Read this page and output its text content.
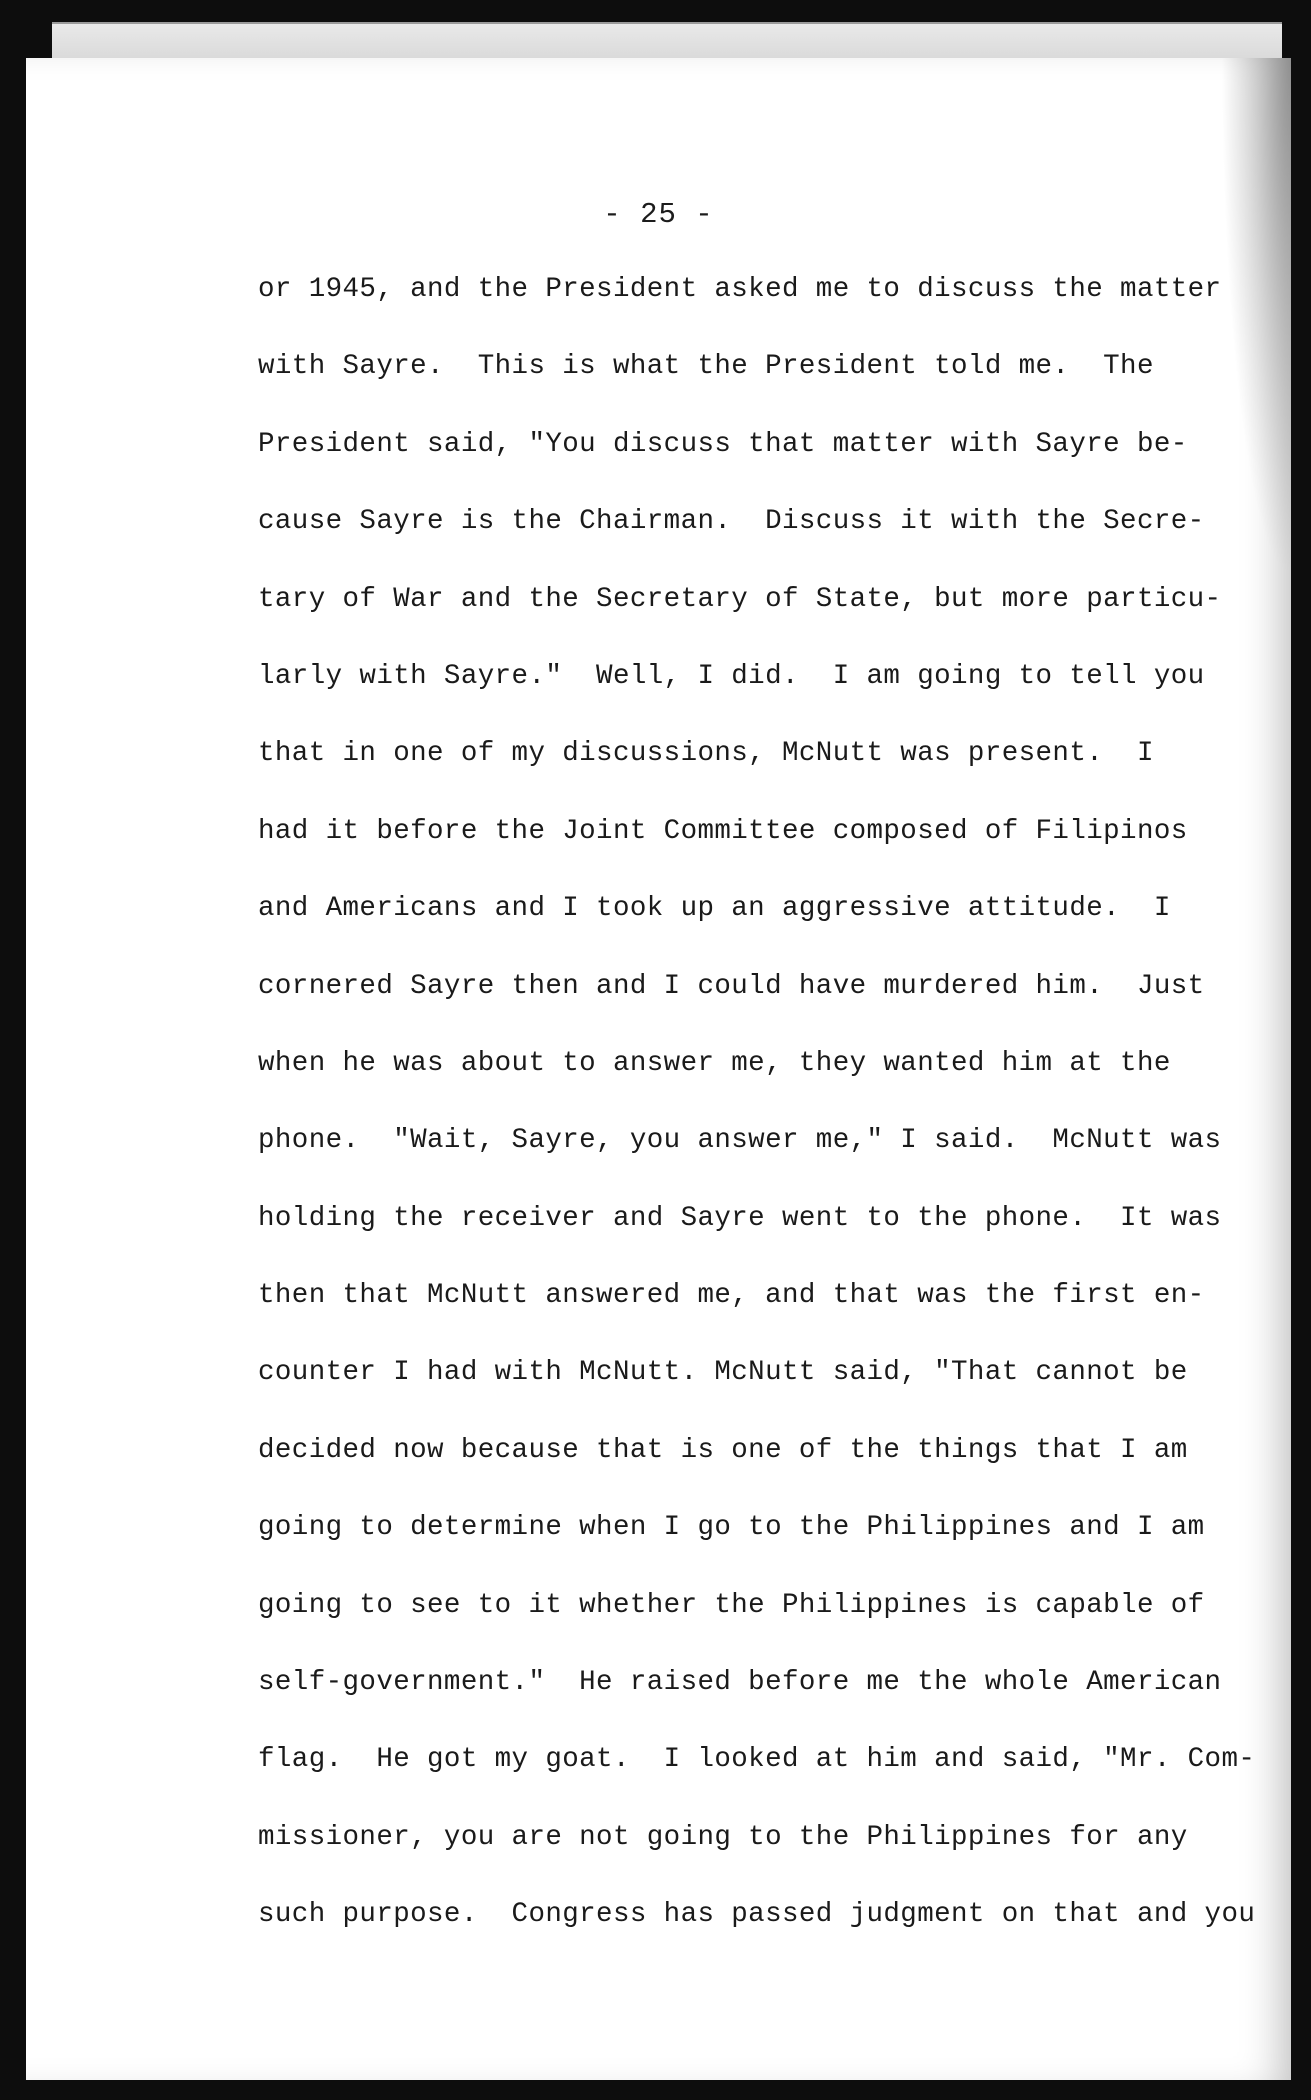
- 25 -
or 1945, and the President asked me to discuss the matter
with Sayre.  This is what the President told me.  The
President said, "You discuss that matter with Sayre be-
cause Sayre is the Chairman.  Discuss it with the Secre-
tary of War and the Secretary of State, but more particu-
larly with Sayre."  Well, I did.  I am going to tell you
that in one of my discussions, McNutt was present.  I
had it before the Joint Committee composed of Filipinos
and Americans and I took up an aggressive attitude.  I
cornered Sayre then and I could have murdered him.  Just
when he was about to answer me, they wanted him at the
phone.  "Wait, Sayre, you answer me," I said.  McNutt was
holding the receiver and Sayre went to the phone.  It was
then that McNutt answered me, and that was the first en-
counter I had with McNutt. McNutt said, "That cannot be
decided now because that is one of the things that I am
going to determine when I go to the Philippines and I am
going to see to it whether the Philippines is capable of
self-government."  He raised before me the whole American
flag.  He got my goat.  I looked at him and said, "Mr. Com-
missioner, you are not going to the Philippines for any
such purpose.  Congress has passed judgment on that and you
